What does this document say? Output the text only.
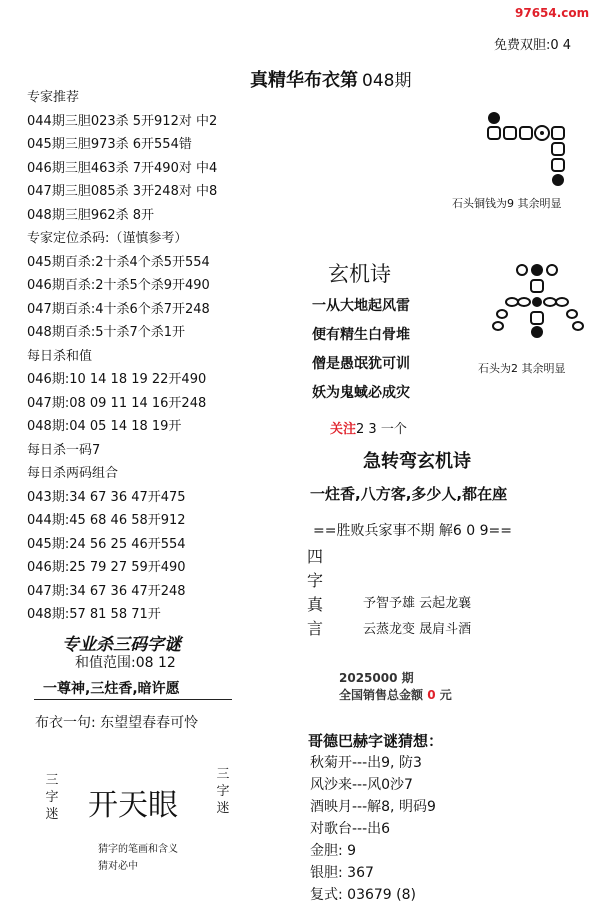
97654.com
免费双胆:0 4
真精华布衣第 048期
专家推荐
044期三胆023杀 5开912对 中2
045期三胆973杀 6开554错
046期三胆463杀 7开490对 中4
047期三胆085杀 3开248对 中8
048期三胆962杀 8开
专家定位杀码:（谨慎参考）
045期百杀:2十杀4个杀5开554
046期百杀:2十杀5个杀9开490
047期百杀:4十杀6个杀7开248
048期百杀:5十杀7个杀1开
每日杀和值
046期:10 14 18 19 22开490
047期:08 09 11 14 16开248
048期:04 05 14 18 19开
每日杀一码7
每日杀两码组合
043期:34 67 36 47开475
044期:45 68 46 58开912
045期:24 56 25 46开554
046期:25 79 27 59开490
047期:34 67 36 47开248
048期:57 81 58 71开
专业杀三码字谜
和值范围:08 12
一尊神,三炷香,暗许愿
布衣一句: 东望望春春可怜
三字迷 开天眼
三字迷
猜字的笔画和含义
猜对必中
石头铜钱为9 其余明显
石头为2 其余明显
玄机诗
一从大地起风雷
便有精生白骨堆
僧是愚氓犹可训
妖为鬼蜮必成灾
关注2 3 一个
急转弯玄机诗
一炷香,八方客,多少人,都在座
==胜败兵家事不期 解6 0 9==
四
字
真
言
予智予雄 云起龙襄
云蒸龙变 晟肩斗酒
2025000 期
全国销售总金额 0 元
哥德巴赫字谜猜想：
秋菊开---出9, 防3
风沙来---风0沙7
酒映月---解8, 明码9
对歌台---出6
金胆: 9
银胆: 367
复式: 03679 (8)
